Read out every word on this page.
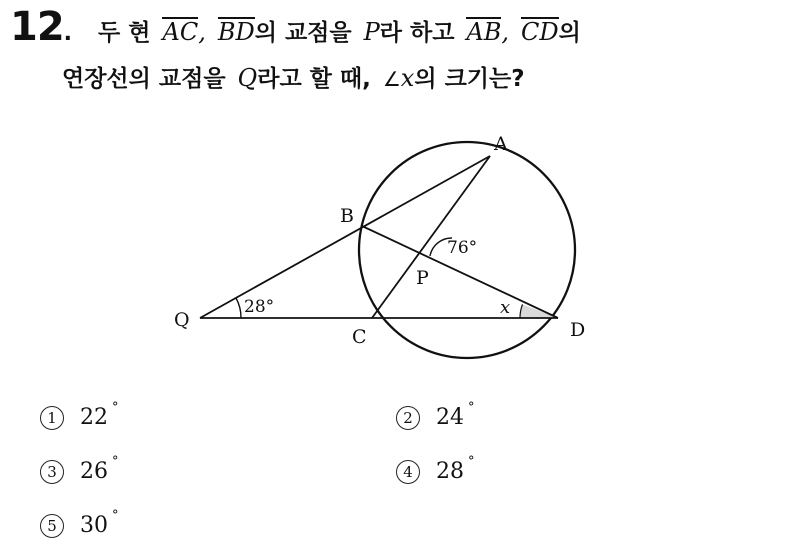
12 . 두 현 AC , BD 의 교점을 P 라 하고 AB , CD 의
연장선의 교점을 Q 라고 할 때, ∠ x 의 크기는?
A
B
P
Q
C	D
76°
28°	x
1	22 °
2	24 °
3	26 °
4	28 °
5	30 °
